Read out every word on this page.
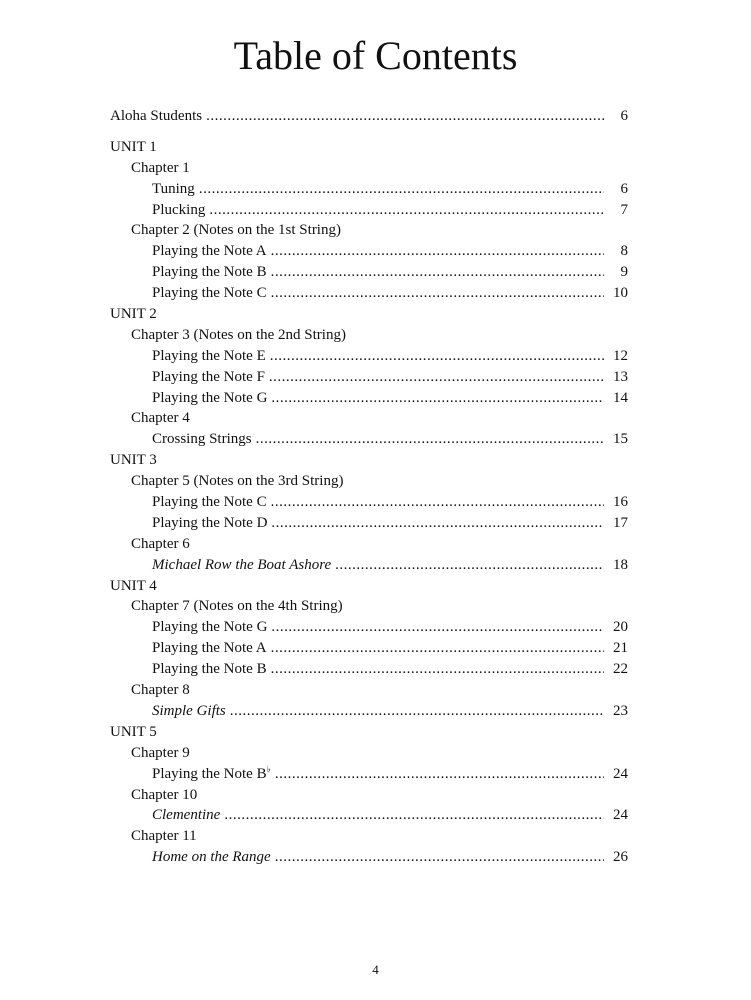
Table of Contents
Aloha Students .....	6
UNIT 1
Chapter 1
Tuning .....	6
Plucking .....	7
Chapter 2 (Notes on the 1st String)
Playing the Note A .....	8
Playing the Note B .....	9
Playing the Note C .....	10
UNIT 2
Chapter 3 (Notes on the 2nd String)
Playing the Note E .....	12
Playing the Note F .....	13
Playing the Note G .....	14
Chapter 4
Crossing Strings .....	15
UNIT 3
Chapter 5 (Notes on the 3rd String)
Playing the Note C .....	16
Playing the Note D .....	17
Chapter 6
Michael Row the Boat Ashore .....	18
UNIT 4
Chapter 7 (Notes on the 4th String)
Playing the Note G .....	20
Playing the Note A .....	21
Playing the Note B .....	22
Chapter 8
Simple Gifts .....	23
UNIT 5
Chapter 9
Playing the Note B♭ .....	24
Chapter 10
Clementine .....	24
Chapter 11
Home on the Range .....	26
4
